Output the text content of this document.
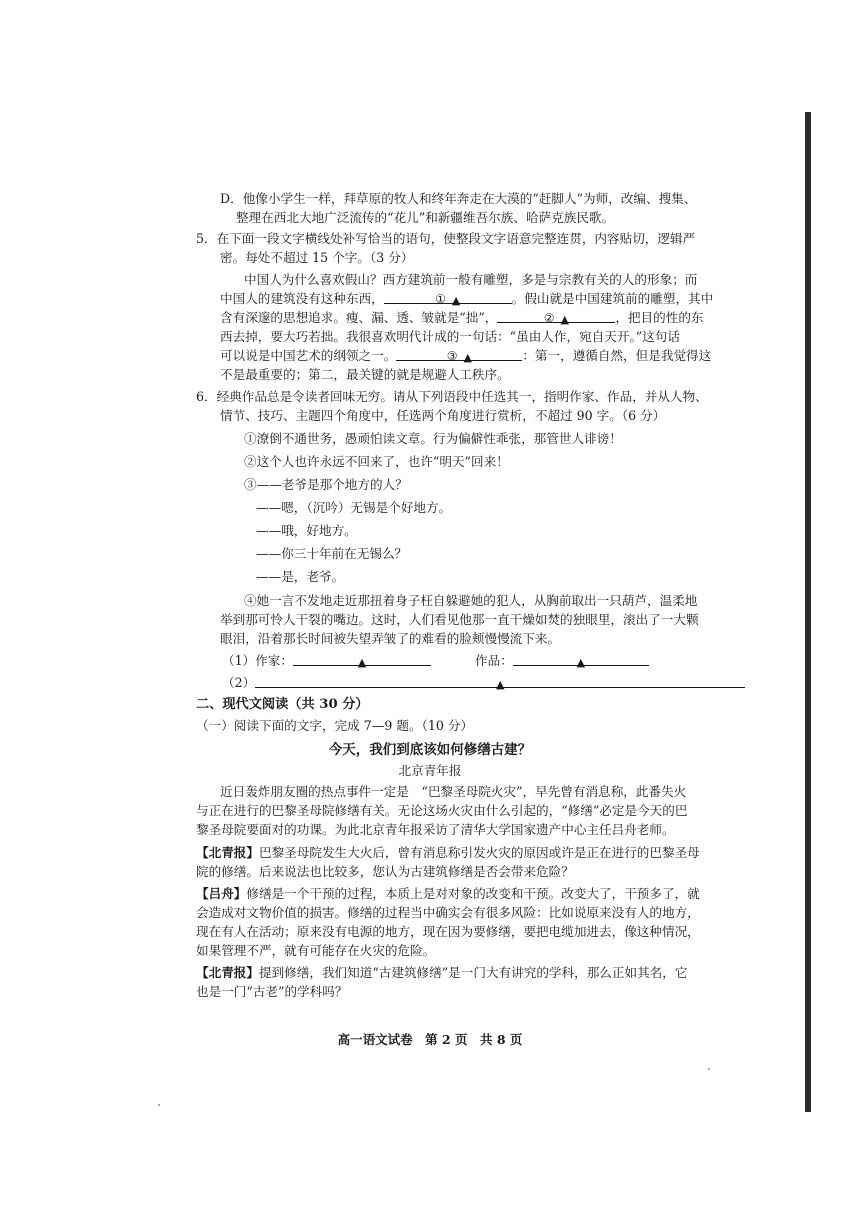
D．他像小学生一样，拜草原的牧人和终年奔走在大漠的“赶脚人”为师，改编、搜集、
整理在西北大地广泛流传的“花儿”和新疆维吾尔族、哈萨克族民歌。
5．在下面一段文字横线处补写恰当的语句，使整段文字语意完整连贯，内容贴切，逻辑严
密。每处不超过 15 个字。（3 分）
中国人为什么喜欢假山？西方建筑前一般有雕塑，多是与宗教有关的人的形象；而
中国人的建筑没有这种东西，	① ▲	。假山就是中国建筑前的雕塑，其中
含有深邃的思想追求。瘦、漏、透、皱就是“拙”，	② ▲	，把目的性的东
西去掉，要大巧若拙。我很喜欢明代计成的一句话：“虽由人作，宛自天开。”这句话
可以说是中国艺术的纲领之一。	③ ▲	：第一，遵循自然，但是我觉得这
不是最重要的；第二，最关键的就是规避人工秩序。
6．经典作品总是令读者回味无穷。请从下列语段中任选其一，指明作家、作品，并从人物、
情节、技巧、主题四个角度中，任选两个角度进行赏析，不超过 90 字。（6 分）
①潦倒不通世务，愚顽怕读文章。行为偏僻性乖张，那管世人诽谤！
②这个人也许永远不回来了，也许“明天”回来！
③——老爷是那个地方的人？
——嗯，（沉吟）无锡是个好地方。
——哦，好地方。
——你三十年前在无锡么？
——是，老爷。
④她一言不发地走近那扭着身子枉自躲避她的犯人，从胸前取出一只葫芦，温柔地
举到那可怜人干裂的嘴边。这时，人们看见他那一直干燥如焚的独眼里，滚出了一大颗
眼泪，沿着那长时间被失望弄皱了的难看的脸颊慢慢流下来。
（1）作家：	▲	作品：	▲
（2）	▲
二、现代文阅读（共 30 分）
（一）阅读下面的文字，完成 7—9 题。（10 分）
今天，我们到底该如何修缮古建？
北京青年报
近日轰炸朋友圈的热点事件一定是　“巴黎圣母院火灾”，早先曾有消息称，此番失火
与正在进行的巴黎圣母院修缮有关。无论这场火灾由什么引起的，“修缮”必定是今天的巴
黎圣母院要面对的功课。为此北京青年报采访了清华大学国家遗产中心主任吕舟老师。
【北青报】巴黎圣母院发生大火后，曾有消息称引发火灾的原因或许是正在进行的巴黎圣母
院的修缮。后来说法也比较多，您认为古建筑修缮是否会带来危险？
【吕舟】修缮是一个干预的过程，本质上是对对象的改变和干预。改变大了，干预多了，就
会造成对文物价值的损害。修缮的过程当中确实会有很多风险：比如说原来没有人的地方，
现在有人在活动；原来没有电源的地方，现在因为要修缮，要把电缆加进去，像这种情况，
如果管理不严，就有可能存在火灾的危险。
【北青报】提到修缮，我们知道“古建筑修缮”是一门大有讲究的学科，那么正如其名，它
也是一门“古老”的学科吗？
高一语文试卷　第 2 页　共 8 页
